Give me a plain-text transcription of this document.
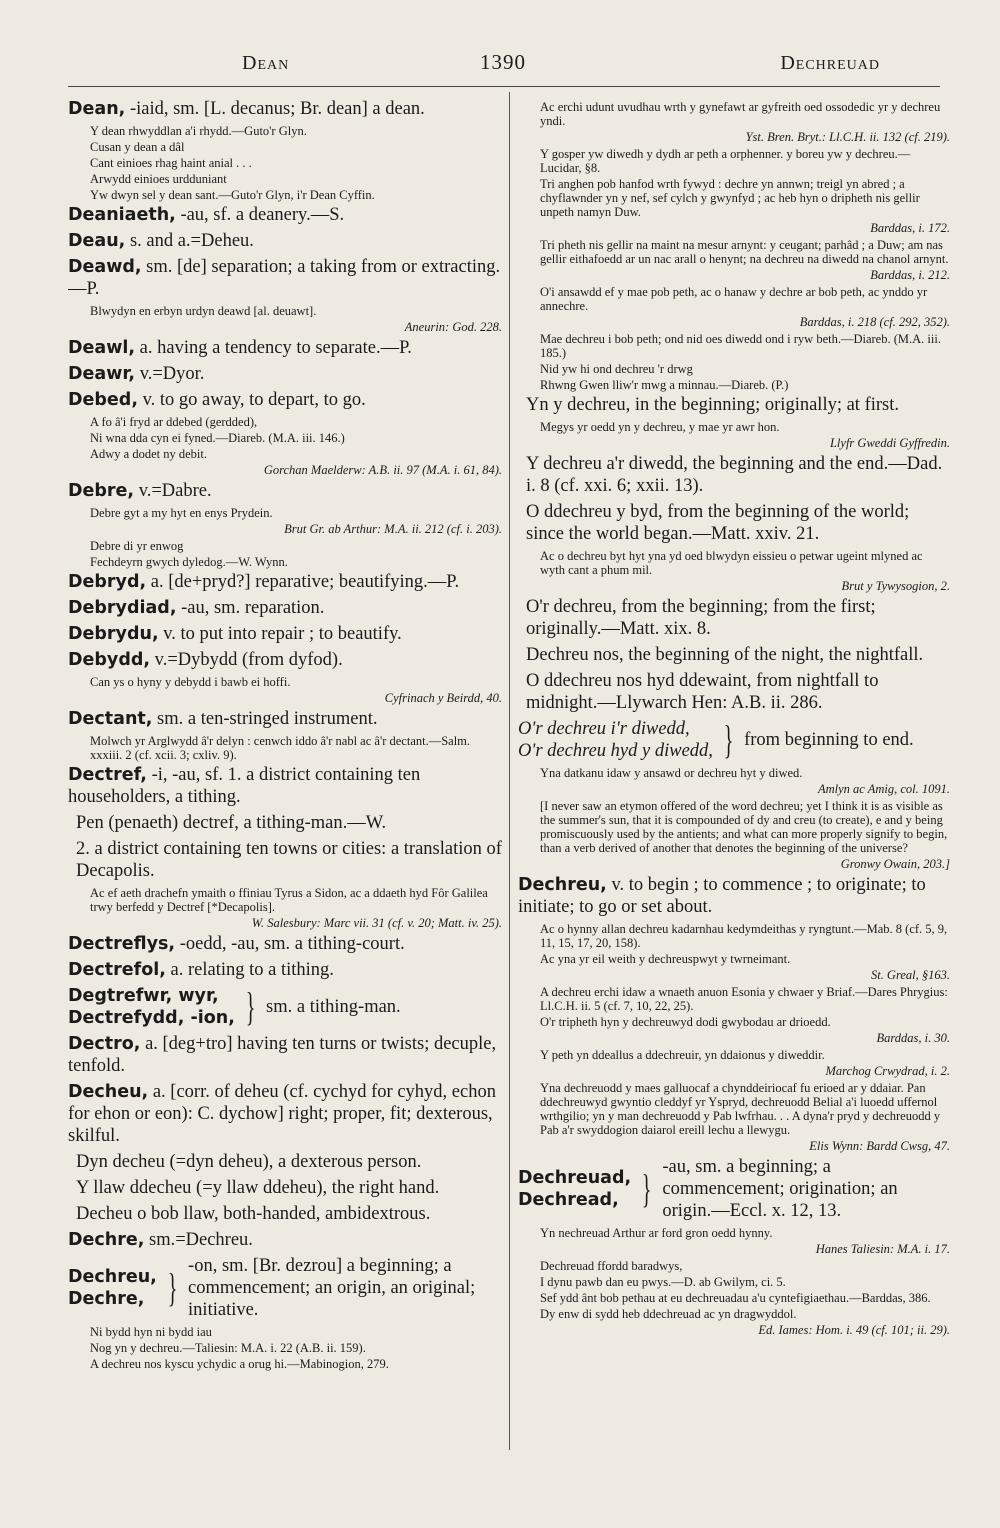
Dean	1390	Dechreuad
Dean, -iaid, sm. [L. decanus; Br. dean] a dean.
Y dean rhwyddlan a'i rhydd.—Guto'r Glyn.
Cusan y dean a dâl
Cant einioes rhag haint anial . . .
Arwydd einioes urdduniant
Yw dwyn sel y dean sant.—Guto'r Glyn, i'r Dean Cyffin.
Deaniaeth, -au, sf. a deanery.—S.
Deau, s. and a.=Deheu.
Deawd, sm. [de] separation; a taking from or extracting.—P.
Blwydyn en erbyn urdyn deawd [al. deuawt].
Aneurin: God. 228.
Deawl, a. having a tendency to separate.—P.
Deawr, v.=Dyor.
Debed, v. to go away, to depart, to go.
A fo â'i fryd ar ddebed (gerdded),
Ni wna dda cyn ei fyned.—Diareb. (M.A. iii. 146.)
Adwy a dodet ny debit.
Gorchan Maelderw: A.B. ii. 97 (M.A. i. 61, 84).
Debre, v.=Dabre.
Debre gyt a my hyt en enys Prydein.
Brut Gr. ab Arthur: M.A. ii. 212 (cf. i. 203).
Debre di yr enwog
Fechdeyrn gwych dyledog.—W. Wynn.
Debryd, a. [de+pryd?] reparative; beautifying.—P.
Debrydiad, -au, sm. reparation.
Debrydu, v. to put into repair ; to beautify.
Debydd, v.=Dybydd (from dyfod).
Can ys o hyny y debydd i bawb ei hoffi.
Cyfrinach y Beirdd, 40.
Dectant, sm. a ten-stringed instrument.
Molwch yr Arglwydd â'r delyn : cenwch iddo â'r nabl ac â'r dectant.—Salm. xxxiii. 2 (cf. xcii. 3; cxliv. 9).
Dectref, -i, -au, sf. 1. a district containing ten householders, a tithing.
Pen (penaeth) dectref, a tithing-man.—W.
2. a district containing ten towns or cities: a translation of Decapolis.
Ac ef aeth drachefn ymaith o ffiniau Tyrus a Sidon, ac a ddaeth hyd Fôr Galilea trwy berfedd y Dectref [*Decapolis].
W. Salesbury: Marc vii. 31 (cf. v. 20; Matt. iv. 25).
Dectreflys, -oedd, -au, sm. a tithing-court.
Dectrefol, a. relating to a tithing.
Degtrefwr, wyr,
Dectrefydd, -ion, } sm. a tithing-man.
Dectro, a. [deg+tro] having ten turns or twists; decuple, tenfold.
Decheu, a. [corr. of deheu (cf. cychyd for cyhyd, echon for ehon or eon): C. dychow] right; proper, fit; dexterous, skilful.
Dyn decheu (=dyn deheu), a dexterous person.
Y llaw ddecheu (=y llaw ddeheu), the right hand.
Decheu o bob llaw, both-handed, ambidextrous.
Dechre, sm.=Dechreu.
Dechreu,
Dechre, } -on, sm. [Br. dezrou] a beginning; a commencement; an origin, an original; initiative.
Ni bydd hyn ni bydd iau
Nog yn y dechreu.—Taliesin: M.A. i. 22 (A.B. ii. 159).
A dechreu nos kyscu ychydic a orug hi.—Mabinogion, 279.
Ac erchi udunt uvudhau wrth y gynefawt ar gyfreith oed ossodedic yr y dechreu yndi.
Yst. Bren. Bryt.: Ll.C.H. ii. 132 (cf. 219).
Y gosper yw diwedh y dydh ar peth a orphenner. y boreu yw y dechreu.—Lucidar, §8.
Tri anghen pob hanfod wrth fywyd : dechre yn annwn; treigl yn abred ; a chyflawnder yn y nef, sef cylch y gwynfyd ; ac heb hyn o dripheth nis gellir unpeth namyn Duw.
Barddas, i. 172.
Tri pheth nis gellir na maint na mesur arnynt: y ceugant; parhâd ; a Duw; am nas gellir eithafoedd ar un nac arall o henynt; na dechreu na diwedd na chanol arnynt.
Barddas, i. 212.
O'i ansawdd ef y mae pob peth, ac o hanaw y dechre ar bob peth, ac ynddo yr annechre.
Barddas, i. 218 (cf. 292, 352).
Mae dechreu i bob peth; ond nid oes diwedd ond i ryw beth.—Diareb. (M.A. iii. 185.)
Nid yw hi ond dechreu 'r drwg
Rhwng Gwen lliw'r mwg a minnau.—Diareb. (P.)
Yn y dechreu, in the beginning; originally; at first.
Megys yr oedd yn y dechreu, y mae yr awr hon.
Llyfr Gweddi Gyffredin.
Y dechreu a'r diwedd, the beginning and the end.—Dad. i. 8 (cf. xxi. 6; xxii. 13).
O ddechreu y byd, from the beginning of the world; since the world began.—Matt. xxiv. 21.
Ac o dechreu byt hyt yna yd oed blwydyn eissieu o petwar ugeint mlyned ac wyth cant a phum mil.
Brut y Tywysogion, 2.
O'r dechreu, from the beginning; from the first; originally.—Matt. xix. 8.
Dechreu nos, the beginning of the night, the nightfall.
O ddechreu nos hyd ddewaint, from nightfall to midnight.—Llywarch Hen: A.B. ii. 286.
O'r dechreu i'r diwedd,
O'r dechreu hyd y diwedd, } from beginning to end.
Yna datkanu idaw y ansawd or dechreu hyt y diwed.
Amlyn ac Amig, col. 1091.
[I never saw an etymon offered of the word dechreu; yet I think it is as visible as the summer's sun, that it is compounded of dy and creu (to create), e and y being promiscuously used by the antients; and what can more properly signify to begin, than a verb derived of another that denotes the beginning of the universe?
Gronwy Owain, 203.]
Dechreu, v. to begin ; to commence ; to originate; to initiate; to go or set about.
Ac o hynny allan dechreu kadarnhau kedymdeithas y ryngtunt.—Mab. 8 (cf. 5, 9, 11, 15, 17, 20, 158).
Ac yna yr eil weith y dechreuspwyt y twrneimant.
St. Greal, §163.
A dechreu erchi idaw a wnaeth anuon Esonia y chwaer y Briaf.—Dares Phrygius: Ll.C.H. ii. 5 (cf. 7, 10, 22, 25).
O'r tripheth hyn y dechreuwyd dodi gwybodau ar drioedd.
Barddas, i. 30.
Y peth yn ddeallus a ddechreuir, yn ddaionus y diweddir.
Marchog Crwydrad, i. 2.
Yna dechreuodd y maes galluocaf a chynddeiriocaf fu erioed ar y ddaiar. Pan ddechreuwyd gwyntio cleddyf yr Yspryd, dechreuodd Belial a'i luoedd uffernol wrthgilio; yn y man dechreuodd y Pab lwfrhau. . . A dyna'r pryd y dechreuodd y Pab a'r swyddogion daiarol ereill lechu a llewygu.
Elis Wynn: Bardd Cwsg, 47.
Dechreuad,
Dechread, } -au, sm. a beginning; a commencement; origination; an origin.—Eccl. x. 12, 13.
Yn nechreuad Arthur ar ford gron oedd hynny.
Hanes Taliesin: M.A. i. 17.
Dechreuad ffordd baradwys,
I dynu pawb dan eu pwys.—D. ab Gwilym, ci. 5.
Sef ydd ânt bob pethau at eu dechreuadau a'u cyntefigiaethau.—Barddas, 386.
Dy enw di sydd heb ddechreuad ac yn dragwyddol.
Ed. Iames: Hom. i. 49 (cf. 101; ii. 29).
